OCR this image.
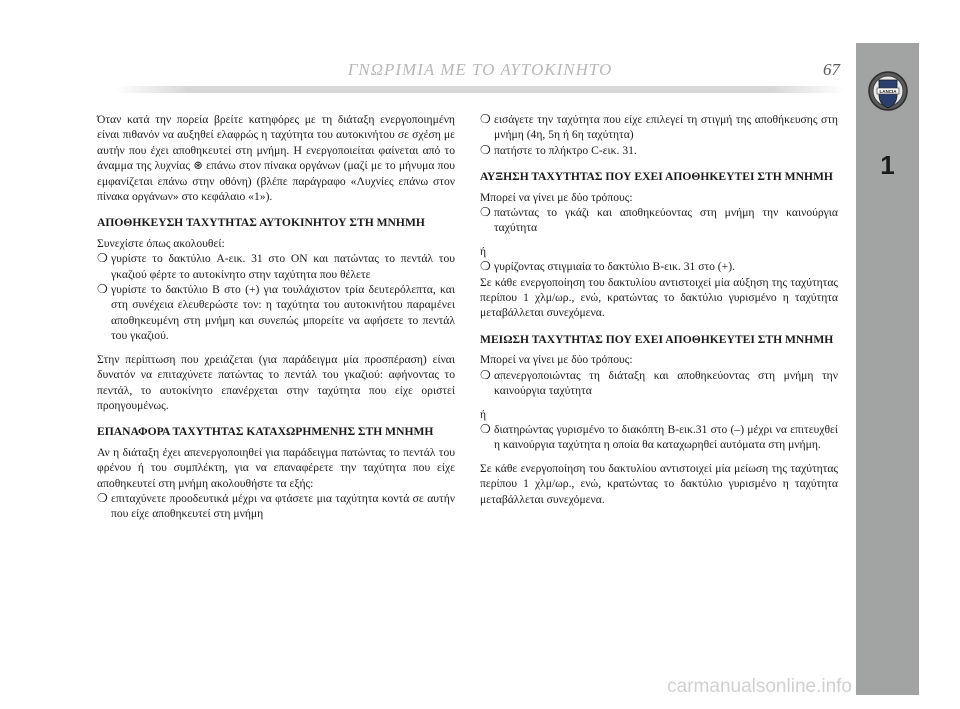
ΓΝΩΡΙΜΙΑ ΜΕ ΤΟ ΑΥΤΟΚΙΝΗΤΟ	67
LANCIA
1

Όταν κατά την πορεία βρείτε κατηφόρες με τη διάταξη ενεργοποιημένη είναι πιθανόν να αυξηθεί ελαφρώς η ταχύτητα του αυτοκινήτου σε σχέση με αυτήν που έχει αποθηκευτεί στη μνήμη. Η ενεργοποιείται φαίνεται από το άναμμα της λυχνίας ⊛ επάνω στον πίνακα οργάνων (μαζί με το μήνυμα που εμφανίζεται επάνω στην οθόνη) (βλέπε παράγραφο «Λυχνίες επάνω στον πίνακα οργάνων» στο κεφάλαιο «1»).

ΑΠΟΘΗΚΕΥΣΗ ΤΑΧΥΤΗΤΑΣ ΑΥΤΟΚΙΝΗΤΟΥ ΣΤΗ ΜΝΗΜΗ

Συνεχίστε όπως ακολουθεί:

❍ γυρίστε το δακτύλιο A-εικ. 31 στο ON και πατώντας το πεντάλ του γκαζιού φέρτε το αυτοκίνητο στην ταχύτητα που θέλετε
❍ γυρίστε το δακτύλιο B στο (+) για τουλάχιστον τρία δευτερόλεπτα, και στη συνέχεια ελευθερώστε τον: η ταχύτητα του αυτοκινήτου παραμένει αποθηκευμένη στη μνήμη και συνεπώς μπορείτε να αφήσετε το πεντάλ του γκαζιού.

Στην περίπτωση που χρειάζεται (για παράδειγμα μία προσπέραση) είναι δυνατόν να επιταχύνετε πατώντας το πεντάλ του γκαζιού: αφήνοντας το πεντάλ, το αυτοκίνητο επανέρχεται στην ταχύτητα που είχε οριστεί προηγουμένως.

ΕΠΑΝΑΦΟΡΑ ΤΑΧΥΤΗΤΑΣ ΚΑΤΑΧΩΡΗΜΕΝΗΣ ΣΤΗ ΜΝΗΜΗ

Αν η διάταξη έχει απενεργοποιηθεί για παράδειγμα πατώντας το πεντάλ του φρένου ή του συμπλέκτη, για να επαναφέρετε την ταχύτητα που είχε αποθηκευτεί στη μνήμη ακολουθήστε τα εξής:

❍ επιταχύνετε προοδευτικά μέχρι να φτάσετε μια ταχύτητα κοντά σε αυτήν που είχε αποθηκευτεί στη μνήμη
❍ εισάγετε την ταχύτητα που είχε επιλεγεί τη στιγμή της αποθήκευσης στη μνήμη (4η, 5η ή 6η ταχύτητα)
❍ πατήστε το πλήκτρο C-εικ. 31.
ΑΥΞΗΣΗ ΤΑΧΥΤΗΤΑΣ ΠΟΥ ΕΧΕΙ ΑΠΟΘΗΚΕΥΤΕΙ ΣΤΗ ΜΝΗΜΗ

Μπορεί να γίνει με δύο τρόπους:

❍ πατώντας το γκάζι και αποθηκεύοντας στη μνήμη την καινούργια ταχύτητα

ή

❍ γυρίζοντας στιγμιαία το δακτύλιο B-εικ. 31 στο (+).

Σε κάθε ενεργοποίηση του δακτυλίου αντιστοιχεί μία αύξηση της ταχύτητας περίπου 1 χλμ/ωρ., ενώ, κρατώντας το δακτύλιο γυρισμένο η ταχύτητα μεταβάλλεται συνεχόμενα.

ΜΕΙΩΣΗ ΤΑΧΥΤΗΤΑΣ ΠΟΥ ΕΧΕΙ ΑΠΟΘΗΚΕΥΤΕΙ ΣΤΗ ΜΝΗΜΗ

Μπορεί να γίνει με δύο τρόπους:

❍ απενεργοποιώντας τη διάταξη και αποθηκεύοντας στη μνήμη την καινούργια ταχύτητα

ή

❍ διατηρώντας γυρισμένο το διακόπτη B-εικ.31 στο (–) μέχρι να επιτευχθεί η καινούργια ταχύτητα η οποία θα καταχωρηθεί αυτόματα στη μνήμη.

Σε κάθε ενεργοποίηση του δακτυλίου αντιστοιχεί μία μείωση της ταχύτητας περίπου 1 χλμ/ωρ., ενώ, κρατώντας το δακτύλιο γυρισμένο η ταχύτητα μεταβάλλεται συνεχόμενα.

carmanualsonline.info
